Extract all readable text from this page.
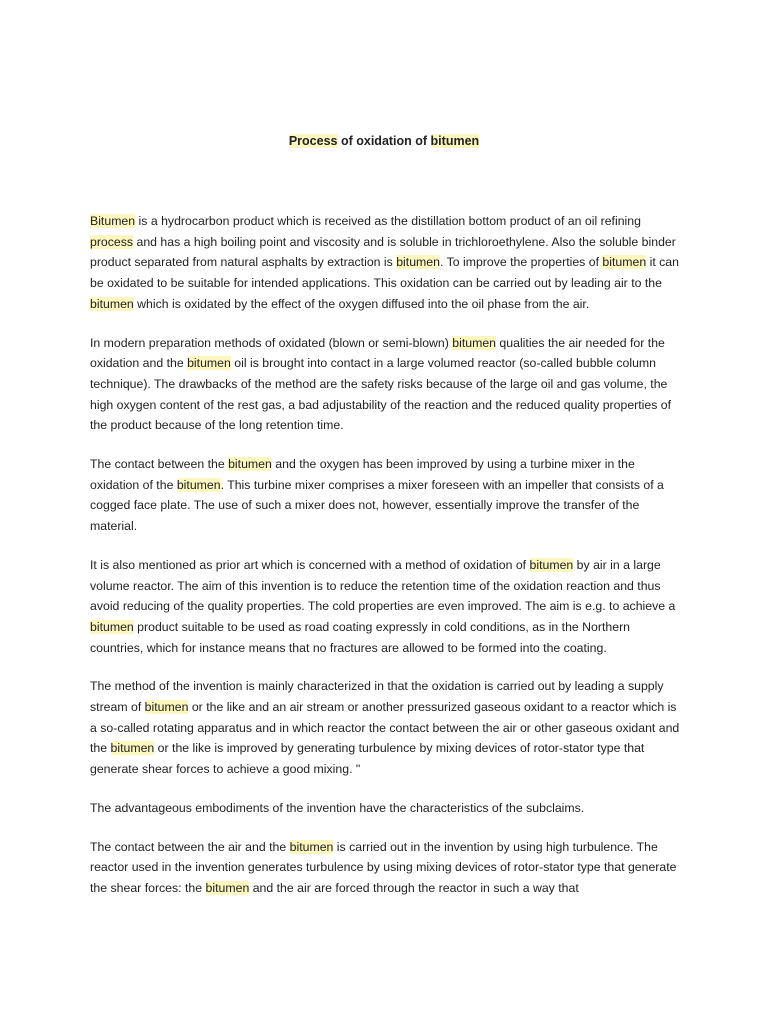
Process of oxidation of bitumen

Bitumen is a hydrocarbon product which is received as the distillation bottom product of an oil refining process and has a high boiling point and viscosity and is soluble in trichloroethylene. Also the soluble binder product separated from natural asphalts by extraction is bitumen. To improve the properties of bitumen it can be oxidated to be suitable for intended applications. This oxidation can be carried out by leading air to the bitumen which is oxidated by the effect of the oxygen diffused into the oil phase from the air.

In modern preparation methods of oxidated (blown or semi-blown) bitumen qualities the air needed for the oxidation and the bitumen oil is brought into contact in a large volumed reactor (so-called bubble column technique). The drawbacks of the method are the safety risks because of the large oil and gas volume, the high oxygen content of the rest gas, a bad adjustability of the reaction and the reduced quality properties of the product because of the long retention time.

The contact between the bitumen and the oxygen has been improved by using a turbine mixer in the oxidation of the bitumen. This turbine mixer comprises a mixer foreseen with an impeller that consists of a cogged face plate. The use of such a mixer does not, however, essentially improve the transfer of the material.

It is also mentioned as prior art which is concerned with a method of oxidation of bitumen by air in a large volume reactor. The aim of this invention is to reduce the retention time of the oxidation reaction and thus avoid reducing of the quality properties. The cold properties are even improved. The aim is e.g. to achieve a bitumen product suitable to be used as road coating expressly in cold conditions, as in the Northern countries, which for instance means that no fractures are allowed to be formed into the coating.

The method of the invention is mainly characterized in that the oxidation is carried out by leading a supply stream of bitumen or the like and an air stream or another pressurized gaseous oxidant to a reactor which is a so-called rotating apparatus and in which reactor the contact between the air or other gaseous oxidant and the bitumen or the like is improved by generating turbulence by mixing devices of rotor-stator type that generate shear forces to achieve a good mixing. "

The advantageous embodiments of the invention have the characteristics of the subclaims.

The contact between the air and the bitumen is carried out in the invention by using high turbulence. The reactor used in the invention generates turbulence by using mixing devices of rotor-stator type that generate the shear forces: the bitumen and the air are forced through the reactor in such a way that
